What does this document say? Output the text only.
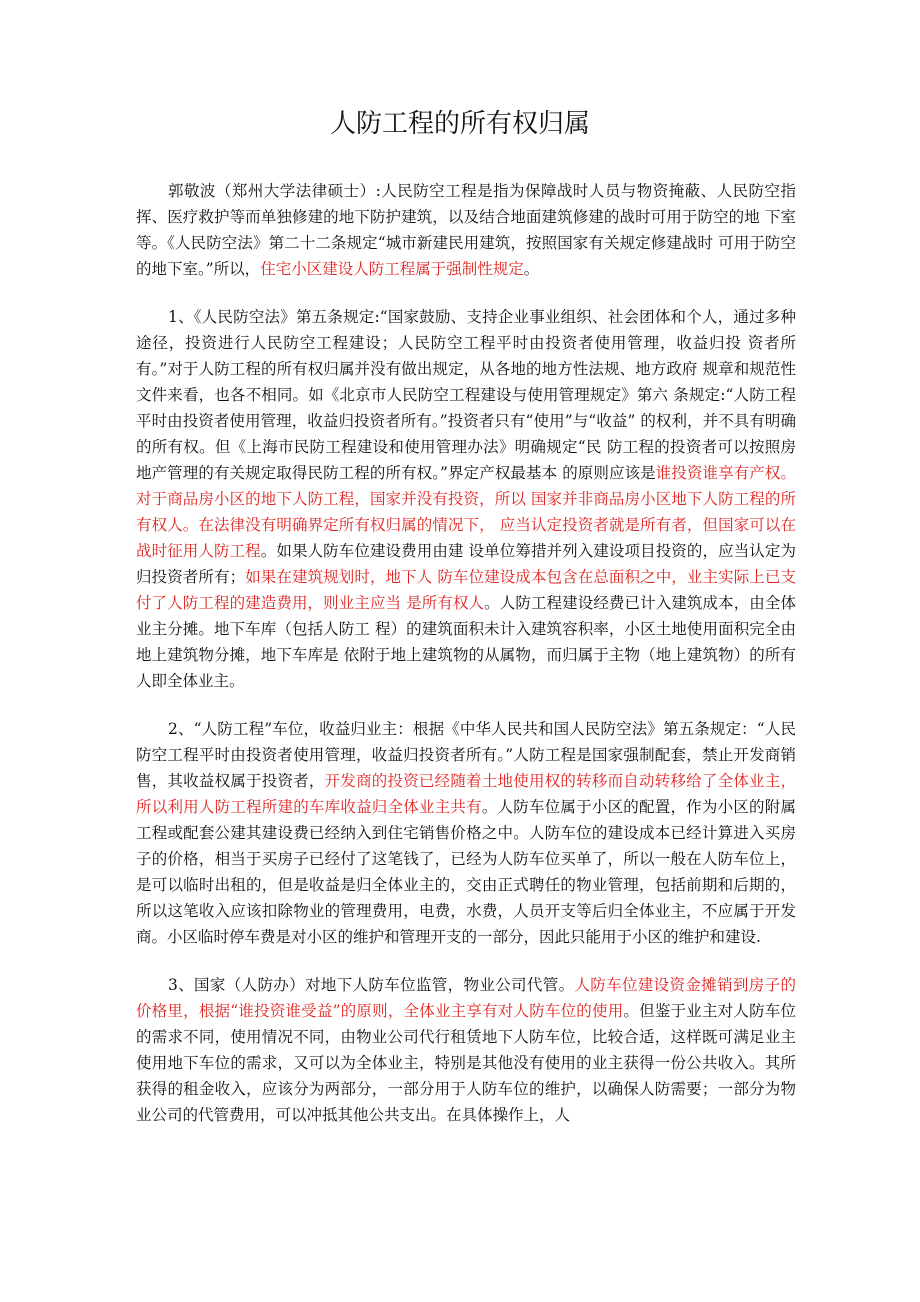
人防工程的所有权归属

郭敬波（郑州大学法律硕士）:人民防空工程是指为保障战时人员与物资掩蔽、人民防空指 挥、医疗救护等而单独修建的地下防护建筑，以及结合地面建筑修建的战时可用于防空的地 下室等。《人民防空法》第二十二条规定“城市新建民用建筑，按照国家有关规定修建战时 可用于防空的地下室。”所以，住宅小区建设人防工程属于强制性规定。

1、《人民防空法》第五条规定:“国家鼓励、支持企业事业组织、社会团体和个人，通过多种途径，投资进行人民防空工程建设；人民防空工程平时由投资者使用管理，收益归投 资者所有。”对于人防工程的所有权归属并没有做出规定，从各地的地方性法规、地方政府 规章和规范性文件来看，也各不相同。如《北京市人民防空工程建设与使用管理规定》第六 条规定:“人防工程平时由投资者使用管理，收益归投资者所有。”投资者只有“使用”与“收益” 的权利，并不具有明确的所有权。但《上海市民防工程建设和使用管理办法》明确规定“民 防工程的投资者可以按照房地产管理的有关规定取得民防工程的所有权。”界定产权最基本 的原则应该是谁投资谁享有产权。对于商品房小区的地下人防工程，国家并没有投资，所以 国家并非商品房小区地下人防工程的所有权人。在法律没有明确界定所有权归属的情况下， 应当认定投资者就是所有者，但国家可以在战时征用人防工程。如果人防车位建设费用由建 设单位筹措并列入建设项目投资的，应当认定为归投资者所有；如果在建筑规划时，地下人 防车位建设成本包含在总面积之中，业主实际上已支付了人防工程的建造费用，则业主应当 是所有权人。人防工程建设经费已计入建筑成本，由全体业主分摊。地下车库（包括人防工 程）的建筑面积未计入建筑容积率，小区土地使用面积完全由地上建筑物分摊，地下车库是 依附于地上建筑物的从属物，而归属于主物（地上建筑物）的所有人即全体业主。

2、“人防工程”车位，收益归业主：根据《中华人民共和国人民防空法》第五条规定：“人民防空工程平时由投资者使用管理，收益归投资者所有。”人防工程是国家强制配套，禁止开发商销售，其收益权属于投资者，开发商的投资已经随着土地使用权的转移而自动转移给了全体业主，所以利用人防工程所建的车库收益归全体业主共有。人防车位属于小区的配置，作为小区的附属工程或配套公建其建设费已经纳入到住宅销售价格之中。人防车位的建设成本已经计算进入买房子的价格，相当于买房子已经付了这笔钱了，已经为人防车位买单了，所以一般在人防车位上，是可以临时出租的，但是收益是归全体业主的，交由正式聘任的物业管理，包括前期和后期的，所以这笔收入应该扣除物业的管理费用，电费，水费，人员开支等后归全体业主，不应属于开发商。小区临时停车费是对小区的维护和管理开支的一部分，因此只能用于小区的维护和建设.

3、国家（人防办）对地下人防车位监管，物业公司代管。人防车位建设资金摊销到房子的价格里，根据“谁投资谁受益”的原则，全体业主享有对人防车位的使用。但鉴于业主对人防车位的需求不同，使用情况不同，由物业公司代行租赁地下人防车位，比较合适，这样既可满足业主使用地下车位的需求，又可以为全体业主，特别是其他没有使用的业主获得一份公共收入。其所获得的租金收入，应该分为两部分，一部分用于人防车位的维护，以确保人防需要；一部分为物业公司的代管费用，可以冲抵其他公共支出。在具体操作上，人
